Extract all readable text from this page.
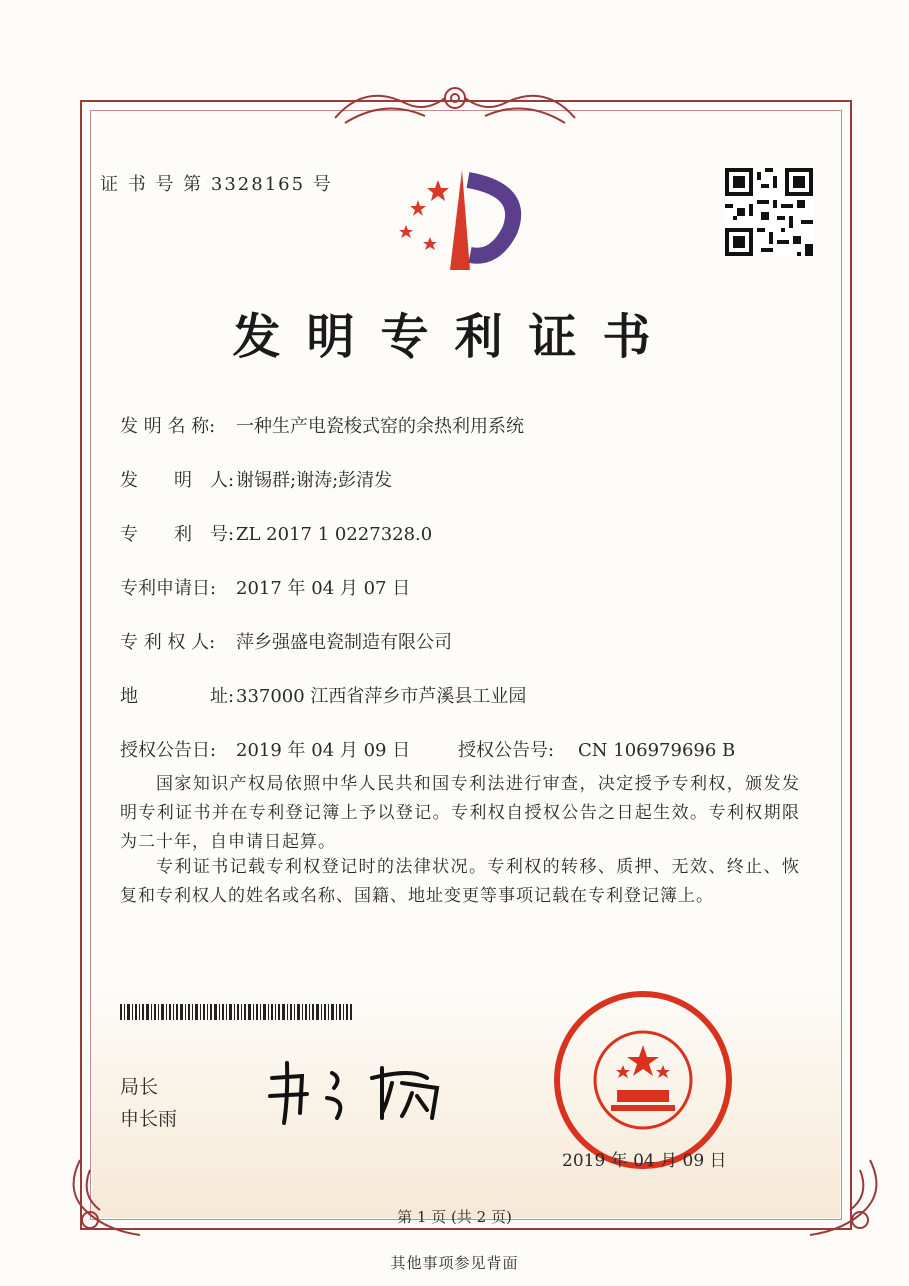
证 书 号 第 3328165 号
发明专利证书
发 明 名 称: 一种生产电瓷梭式窑的余热利用系统
发　　明　人: 谢锡群;谢涛;彭清发
专　　利　号: ZL 2017 1 0227328.0
专利申请日: 2017 年 04 月 07 日
专 利 权 人: 萍乡强盛电瓷制造有限公司
地　　　　址: 337000 江西省萍乡市芦溪县工业园
授权公告日: 2019 年 04 月 09 日	授权公告号: CN 106979696 B
国家知识产权局依照中华人民共和国专利法进行审查，决定授予专利权，颁发发明专利证书并在专利登记簿上予以登记。专利权自授权公告之日起生效。专利权期限为二十年，自申请日起算。
专利证书记载专利权登记时的法律状况。专利权的转移、质押、无效、终止、恢复和专利权人的姓名或名称、国籍、地址变更等事项记载在专利登记簿上。
局长
申长雨
2019 年 04 月 09 日
第 1 页 (共 2 页)
其他事项参见背面
